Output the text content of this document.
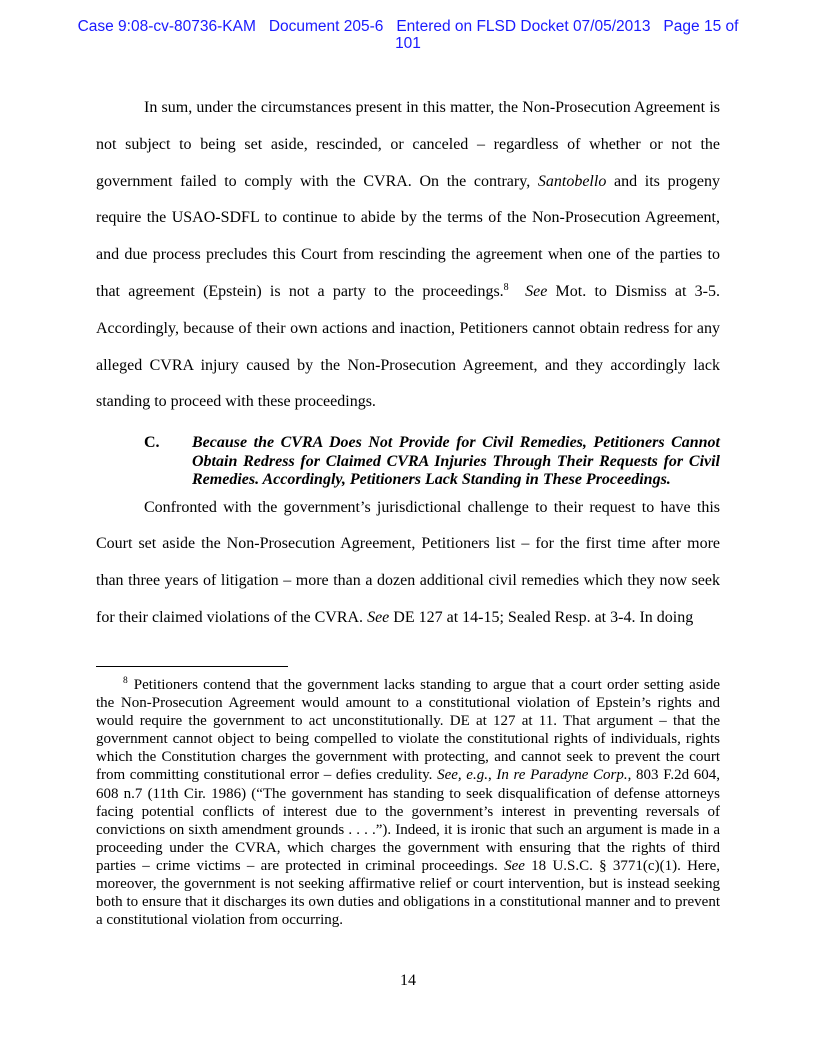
Case 9:08-cv-80736-KAM   Document 205-6   Entered on FLSD Docket 07/05/2013   Page 15 of
101

In sum, under the circumstances present in this matter, the Non-Prosecution Agreement is not subject to being set aside, rescinded, or canceled – regardless of whether or not the government failed to comply with the CVRA. On the contrary, Santobello and its progeny require the USAO-SDFL to continue to abide by the terms of the Non-Prosecution Agreement, and due process precludes this Court from rescinding the agreement when one of the parties to that agreement (Epstein) is not a party to the proceedings.$^8$ See Mot. to Dismiss at 3-5. Accordingly, because of their own actions and inaction, Petitioners cannot obtain redress for any alleged CVRA injury caused by the Non-Prosecution Agreement, and they accordingly lack standing to proceed with these proceedings.

C.	Because the CVRA Does Not Provide for Civil Remedies, Petitioners Cannot Obtain Redress for Claimed CVRA Injuries Through Their Requests for Civil Remedies. Accordingly, Petitioners Lack Standing in These Proceedings.

Confronted with the government’s jurisdictional challenge to their request to have this Court set aside the Non-Prosecution Agreement, Petitioners list – for the first time after more than three years of litigation – more than a dozen additional civil remedies which they now seek for their claimed violations of the CVRA. See DE 127 at 14-15; Sealed Resp. at 3-4. In doing

$^8$ Petitioners contend that the government lacks standing to argue that a court order setting aside the Non-Prosecution Agreement would amount to a constitutional violation of Epstein’s rights and would require the government to act unconstitutionally. DE at 127 at 11. That argument – that the government cannot object to being compelled to violate the constitutional rights of individuals, rights which the Constitution charges the government with protecting, and cannot seek to prevent the court from committing constitutional error – defies credulity. See, e.g., In re Paradyne Corp., 803 F.2d 604, 608 n.7 (11th Cir. 1986) (“The government has standing to seek disqualification of defense attorneys facing potential conflicts of interest due to the government’s interest in preventing reversals of convictions on sixth amendment grounds . . . .”). Indeed, it is ironic that such an argument is made in a proceeding under the CVRA, which charges the government with ensuring that the rights of third parties – crime victims – are protected in criminal proceedings. See 18 U.S.C. § 3771(c)(1). Here, moreover, the government is not seeking affirmative relief or court intervention, but is instead seeking both to ensure that it discharges its own duties and obligations in a constitutional manner and to prevent a constitutional violation from occurring.
14
